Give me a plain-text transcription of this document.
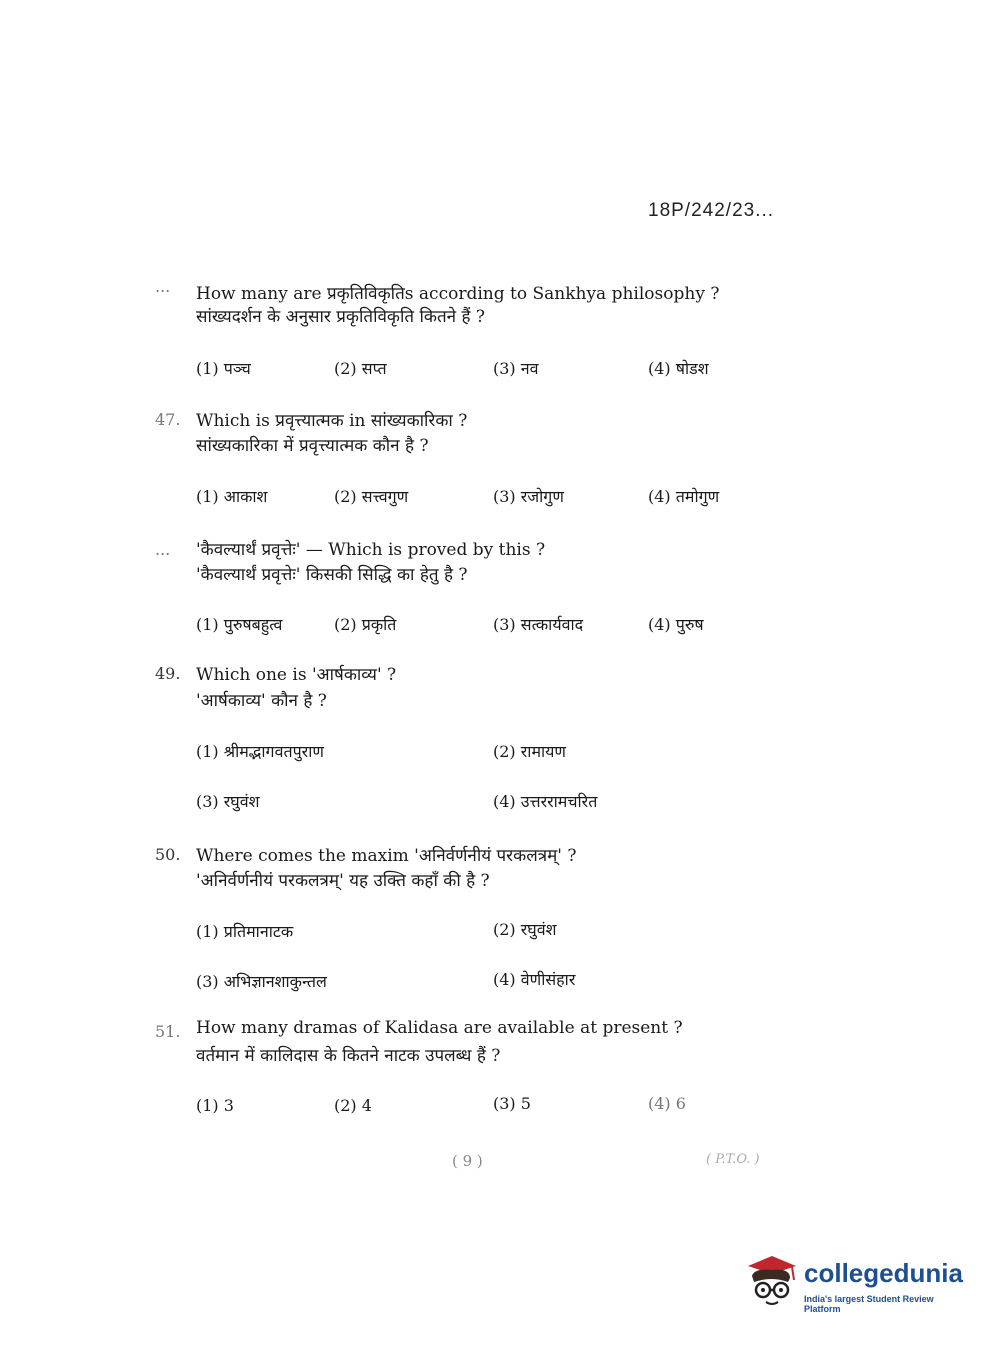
18P/242/23...
... How many are प्रकृतिविकृतिs according to Sankhya philosophy ?
सांख्यदर्शन के अनुसार प्रकृतिविकृति कितने हैं ?
(1) पञ्च	(2) सप्त	(3) नव	(4) षोडश
47. Which is प्रवृत्त्यात्मक in सांख्यकारिका ?
सांख्यकारिका में प्रवृत्त्यात्मक कौन है ?
(1) आकाश	(2) सत्त्वगुण	(3) रजोगुण	(4) तमोगुण
... 'कैवल्यार्थं प्रवृत्तेः' — Which is proved by this ?
'कैवल्यार्थं प्रवृत्तेः' किसकी सिद्धि का हेतु है ?
(1) पुरुषबहुत्व	(2) प्रकृति	(3) सत्कार्यवाद	(4) पुरुष
49. Which one is 'आर्षकाव्य' ?
'आर्षकाव्य' कौन है ?
(1) श्रीमद्भागवतपुराण	(2) रामायण
(3) रघुवंश	(4) उत्तररामचरित
50. Where comes the maxim 'अनिर्वर्णनीयं परकलत्रम्' ?
'अनिर्वर्णनीयं परकलत्रम्' यह उक्ति कहाँ की है ?
(1) प्रतिमानाटक	(2) रघुवंश
(3) अभिज्ञानशाकुन्तल	(4) वेणीसंहार
51. How many dramas of Kalidasa are available at present ?
वर्तमान में कालिदास के कितने नाटक उपलब्ध हैं ?
(1) 3	(2) 4	(3) 5	(4) 6
( 9 )	( P.T.O. )
collegedunia
India's largest Student Review Platform
